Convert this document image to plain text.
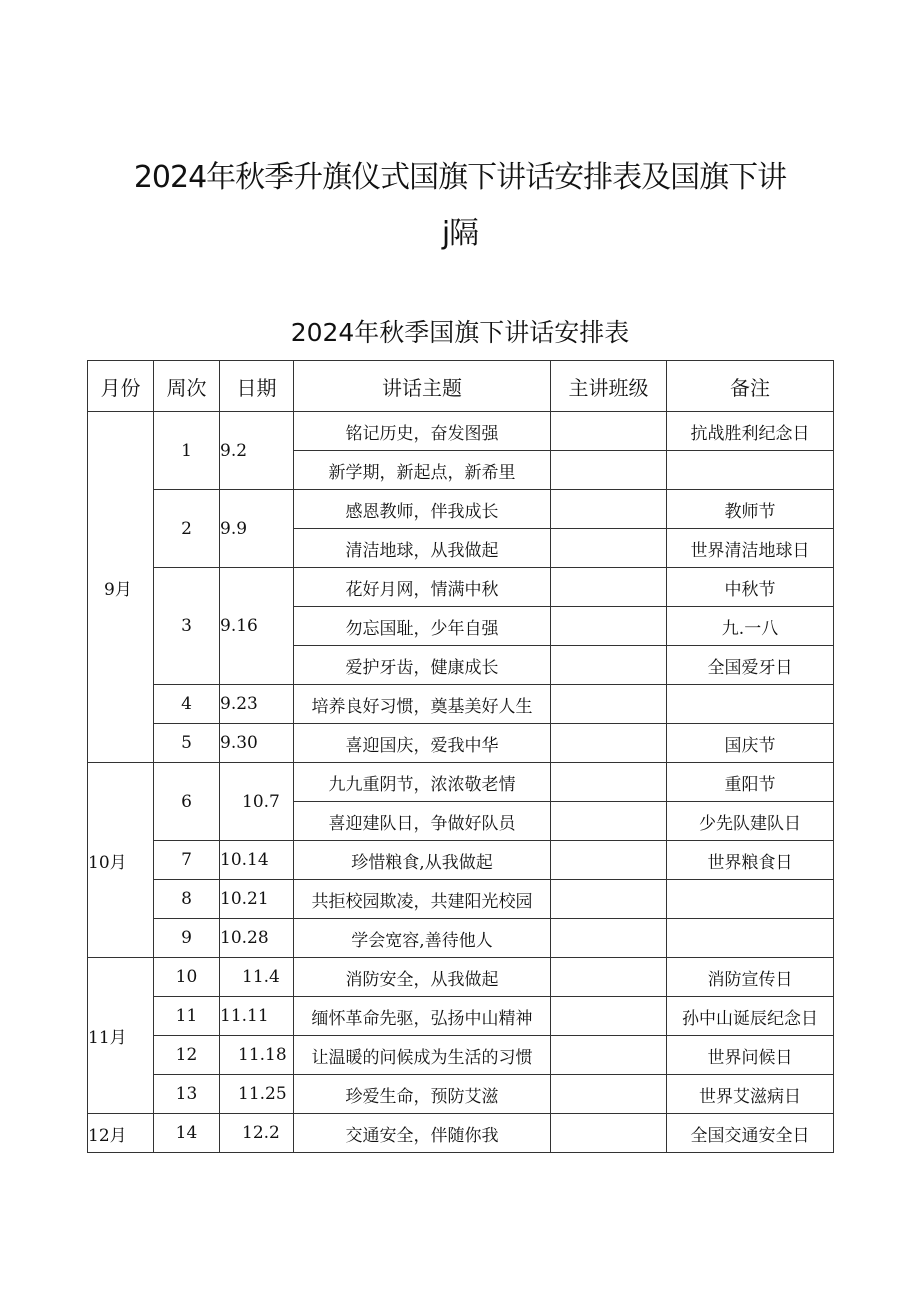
2024年秋季升旗仪式国旗下讲话安排表及国旗下讲
j隔
2024年秋季国旗下讲话安排表
月份	周次	日期	讲话主题	主讲班级	备注
9月	1	9.2	铭记历史，奋发图强		抗战胜利纪念日
			新学期，新起点，新希里		
	2	9.9	感恩教师，伴我成长		教师节
			清洁地球，从我做起		世界清洁地球日
	3	9.16	花好月网，情满中秋		中秋节
			勿忘国耻，少年自强		九.一八
			爱护牙齿，健康成长		全国爱牙日
	4	9.23	培养良好习惯，奠基美好人生		
	5	9.30	喜迎国庆，爱我中华		国庆节
10月	6	10.7	九九重阴节，浓浓敬老情		重阳节
			喜迎建队日，争做好队员		少先队建队日
	7	10.14	珍惜粮食,从我做起		世界粮食日
	8	10.21	共拒校园欺凌，共建阳光校园		
	9	10.28	学会宽容,善待他人		
11月	10	11.4	消防安全，从我做起		消防宣传日
	11	11.11	缅怀革命先驱，弘扬中山精神		孙中山诞辰纪念日
	12	11.18	让温暖的问候成为生活的习惯		世界问候日
	13	11.25	珍爱生命，预防艾滋		世界艾滋病日
12月	14	12.2	交通安全，伴随你我		全国交通安全日
